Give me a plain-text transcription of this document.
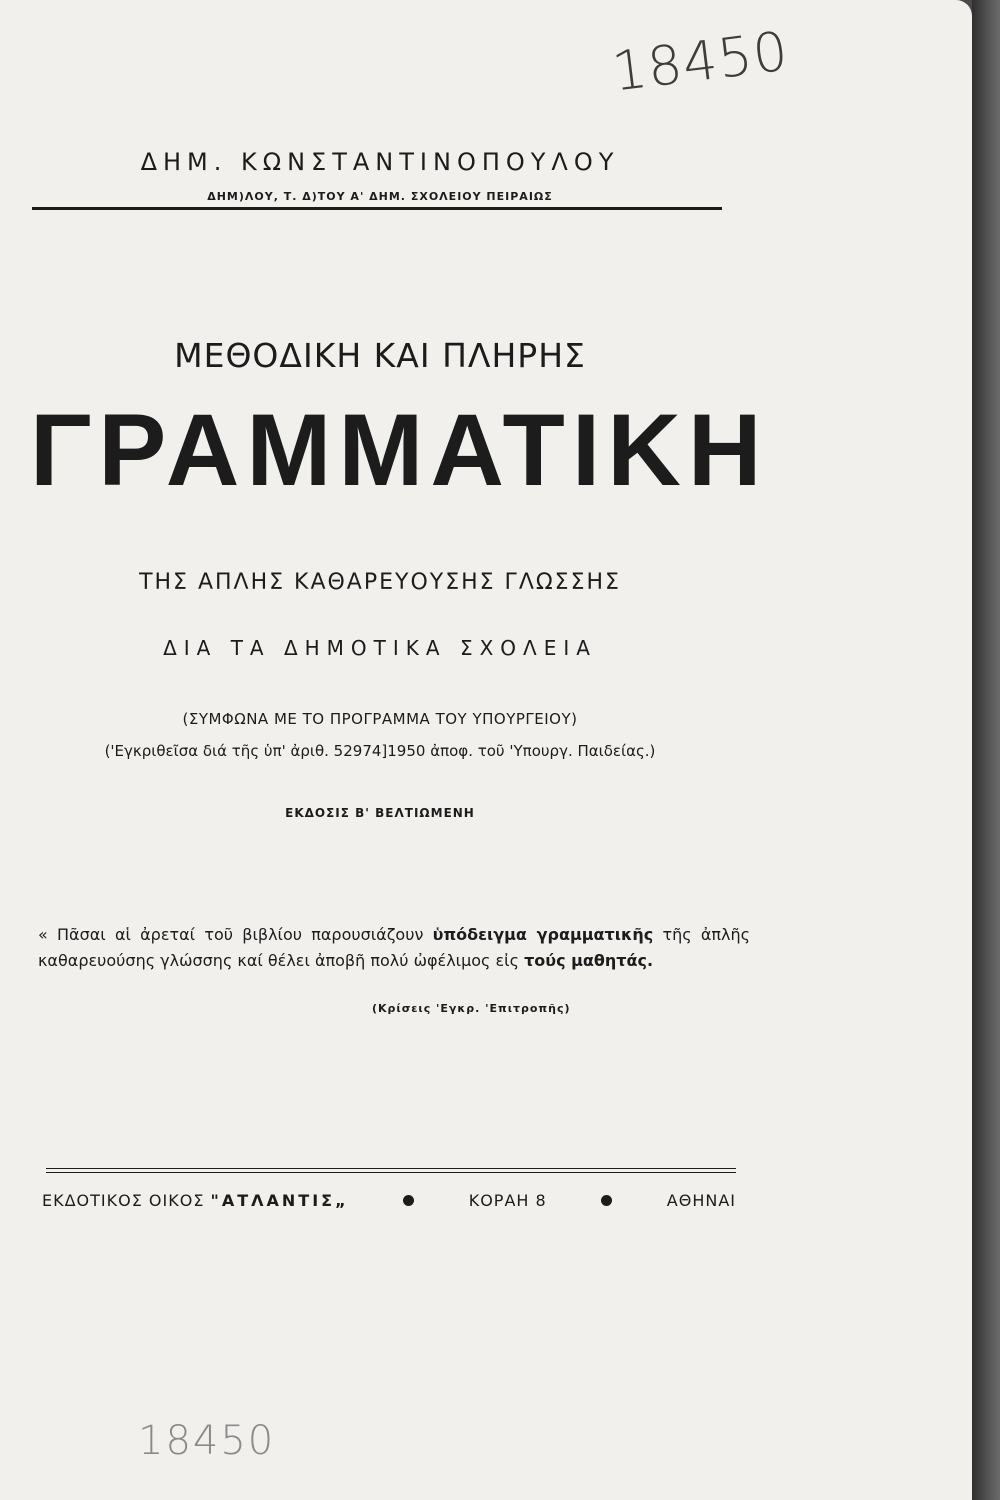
18450
ΔΗΜ. ΚΩΝΣΤΑΝΤΙΝΟΠΟΥΛΟΥ
ΔΗΜ)ΛΟΥ, Τ. Δ)ΤΟΥ Α' ΔΗΜ. ΣΧΟΛΕΙΟΥ ΠΕΙΡΑΙΩΣ
ΜΕΘΟΔΙΚΗ ΚΑΙ ΠΛΗΡΗΣ
ΓΡΑΜΜΑΤΙΚΗ
ΤΗΣ ΑΠΛΗΣ ΚΑΘΑΡΕΥΟΥΣΗΣ ΓΛΩΣΣΗΣ
ΔΙΑ ΤΑ ΔΗΜΟΤΙΚΑ ΣΧΟΛΕΙΑ
(ΣΥΜΦΩΝΑ ΜΕ ΤΟ ΠΡΟΓΡΑΜΜΑ ΤΟΥ ΥΠΟΥΡΓΕΙΟΥ)
('Εγκριθεῖσα διά τῆς ὑπ' ἀριθ. 52974]1950 ἀποφ. τοῦ 'Υπουργ. Παιδείας.)
ΕΚΔΟΣΙΣ Β' ΒΕΛΤΙΩΜΕΝΗ
« Πᾶσαι αἱ ἀρεταί τοῦ βιβλίου παρουσιάζουν ὑπόδειγμα γραμματικῆς τῆς ἀπλῆς καθαρευούσης γλώσσης καί θέλει ἀποβῆ πολύ ὠφέλιμος εἰς τούς μαθητάς.
(Κρίσεις 'Εγκρ. 'Επιτροπῆς)
ΕΚΔΟΤΙΚΟΣ ΟΙΚΟΣ "ΑΤΛΑΝΤΙΣ„	ΚΟΡΑΗ 8	ΑΘΗΝΑΙ
18450
